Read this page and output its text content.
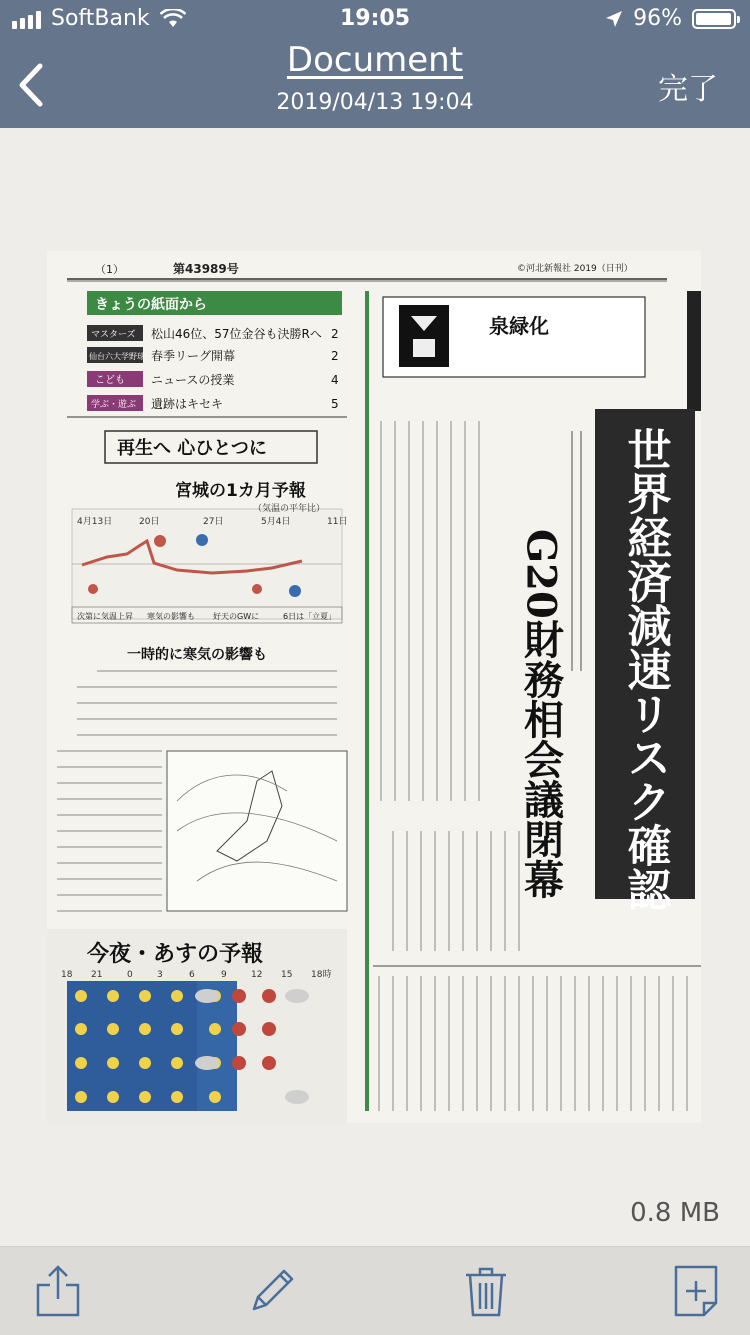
SoftBank	19:05	96%
Document
2019/04/13 19:04	完了
（1）	第43989号	©河北新報社 2019（日刊）
きょうの紙面から
マスターズ 松山46位、57位金谷も決勝Rへ 2
仙台六大学野球 春季リーグ開幕	2
こども ニュースの授業	4
学ぶ・遊ぶ 遺跡はキセキ	5
再生へ 心ひとつに
宮城の1カ月予報
（気温の平年比）
4月13日	20日	27日	5月4日	11日
次第に気温上昇 寒気の影響も 好天のGWに	6日は「立夏」
一時的に寒気の影響も
今夜・あすの予報
18 21	0	3	6	9	12 15 18時
泉緑化
世界経済減速リスク確認
G20財務相会議閉幕
0.8 MB
